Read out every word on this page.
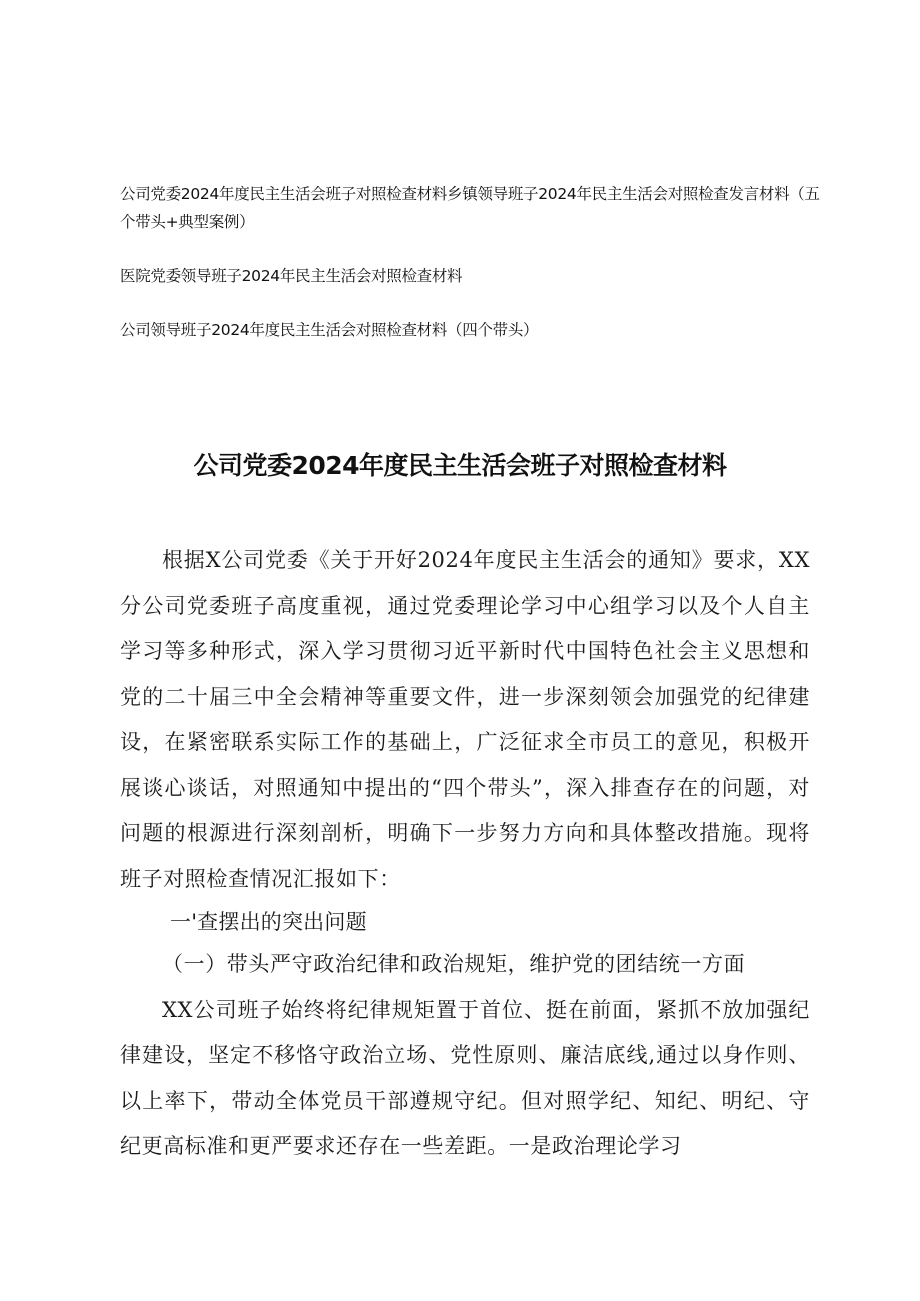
公司党委2024年度民主生活会班子对照检查材料乡镇领导班子2024年民主生活会对照检查发言材料（五个带头+典型案例）

医院党委领导班子2024年民主生活会对照检查材料

公司领导班子2024年度民主生活会对照检查材料（四个带头）

公司党委2024年度民主生活会班子对照检查材料

根据X公司党委《关于开好2024年度民主生活会的通知》要求，XX分公司党委班子高度重视，通过党委理论学习中心组学习以及个人自主学习等多种形式，深入学习贯彻习近平新时代中国特色社会主义思想和党的二十届三中全会精神等重要文件，进一步深刻领会加强党的纪律建设，在紧密联系实际工作的基础上，广泛征求全市员工的意见，积极开展谈心谈话，对照通知中提出的“四个带头”，深入排查存在的问题，对问题的根源进行深刻剖析，明确下一步努力方向和具体整改措施。现将班子对照检查情况汇报如下：

一'查摆出的突出问题

（一）带头严守政治纪律和政治规矩，维护党的团结统一方面

XX公司班子始终将纪律规矩置于首位、挺在前面，紧抓不放加强纪律建设，坚定不移恪守政治立场、党性原则、廉洁底线,通过以身作则、以上率下，带动全体党员干部遵规守纪。但对照学纪、知纪、明纪、守纪更高标准和更严要求还存在一些差距。一是政治理论学习
